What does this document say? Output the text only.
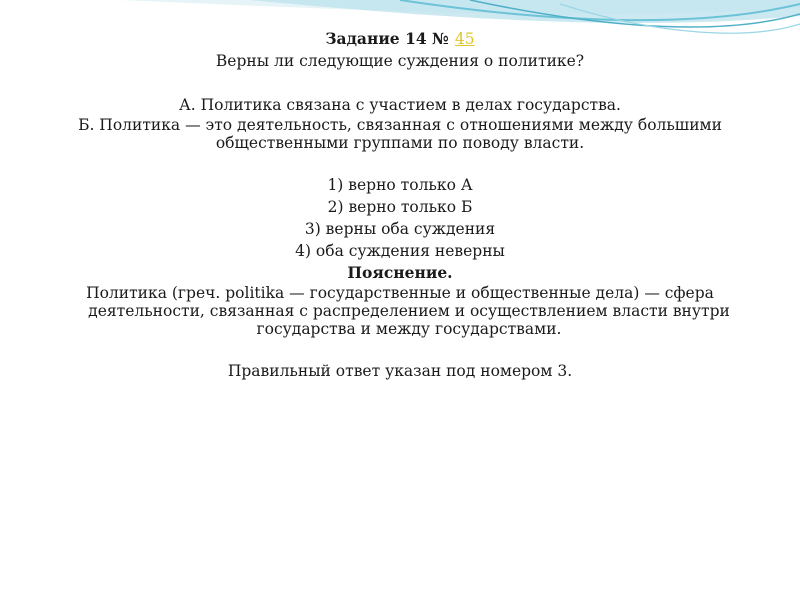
Задание 14 № 45
Верны ли следующие суждения о политике?
А. Политика связана с участием в делах государства.
Б. Политика — это деятельность, связанная с отношениями между большими общественными группами по поводу власти.
1) верно только А
2) верно только Б
3) верны оба суждения
4) оба суждения неверны
Пояснение.
Политика (греч. politika — государственные и общественные дела) — сфера деятельности, связанная с распределением и осуществлением власти внутри государства и между государствами.
Правильный ответ указан под номером 3.
